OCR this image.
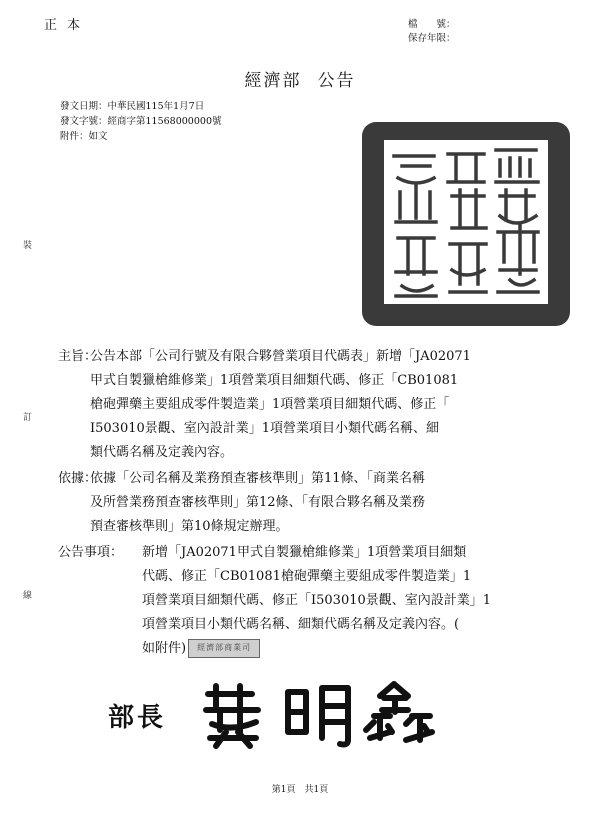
正本	檔　　號：
保存年限：
經濟部 公告
發文日期：中華民國115年1月7日
發文字號：經商字第11568000000號
附件：如文
裝
訂
線
主旨：
公告本部「公司行號及有限合夥營業項目代碼表」新增「JA02071
甲式自製獵槍維修業」1項營業項目細類代碼、修正「CB01081
槍砲彈藥主要組成零件製造業」1項營業項目細類代碼、修正「
I503010景觀、室內設計業」1項營業項目小類代碼名稱、細
類代碼名稱及定義內容。
依據：
依據「公司名稱及業務預查審核準則」第11條、「商業名稱
及所營業務預查審核準則」第12條、「有限合夥名稱及業務
預查審核準則」第10條規定辦理。
公告事項： 新增「JA02071甲式自製獵槍維修業」1項營業項目細類
代碼、修正「CB01081槍砲彈藥主要組成零件製造業」1
項營業項目細類代碼、修正「I503010景觀、室內設計業」1
項營業項目小類代碼名稱、細類代碼名稱及定義內容。(
如附件) 經濟部商業司
部長
第1頁　共1頁
